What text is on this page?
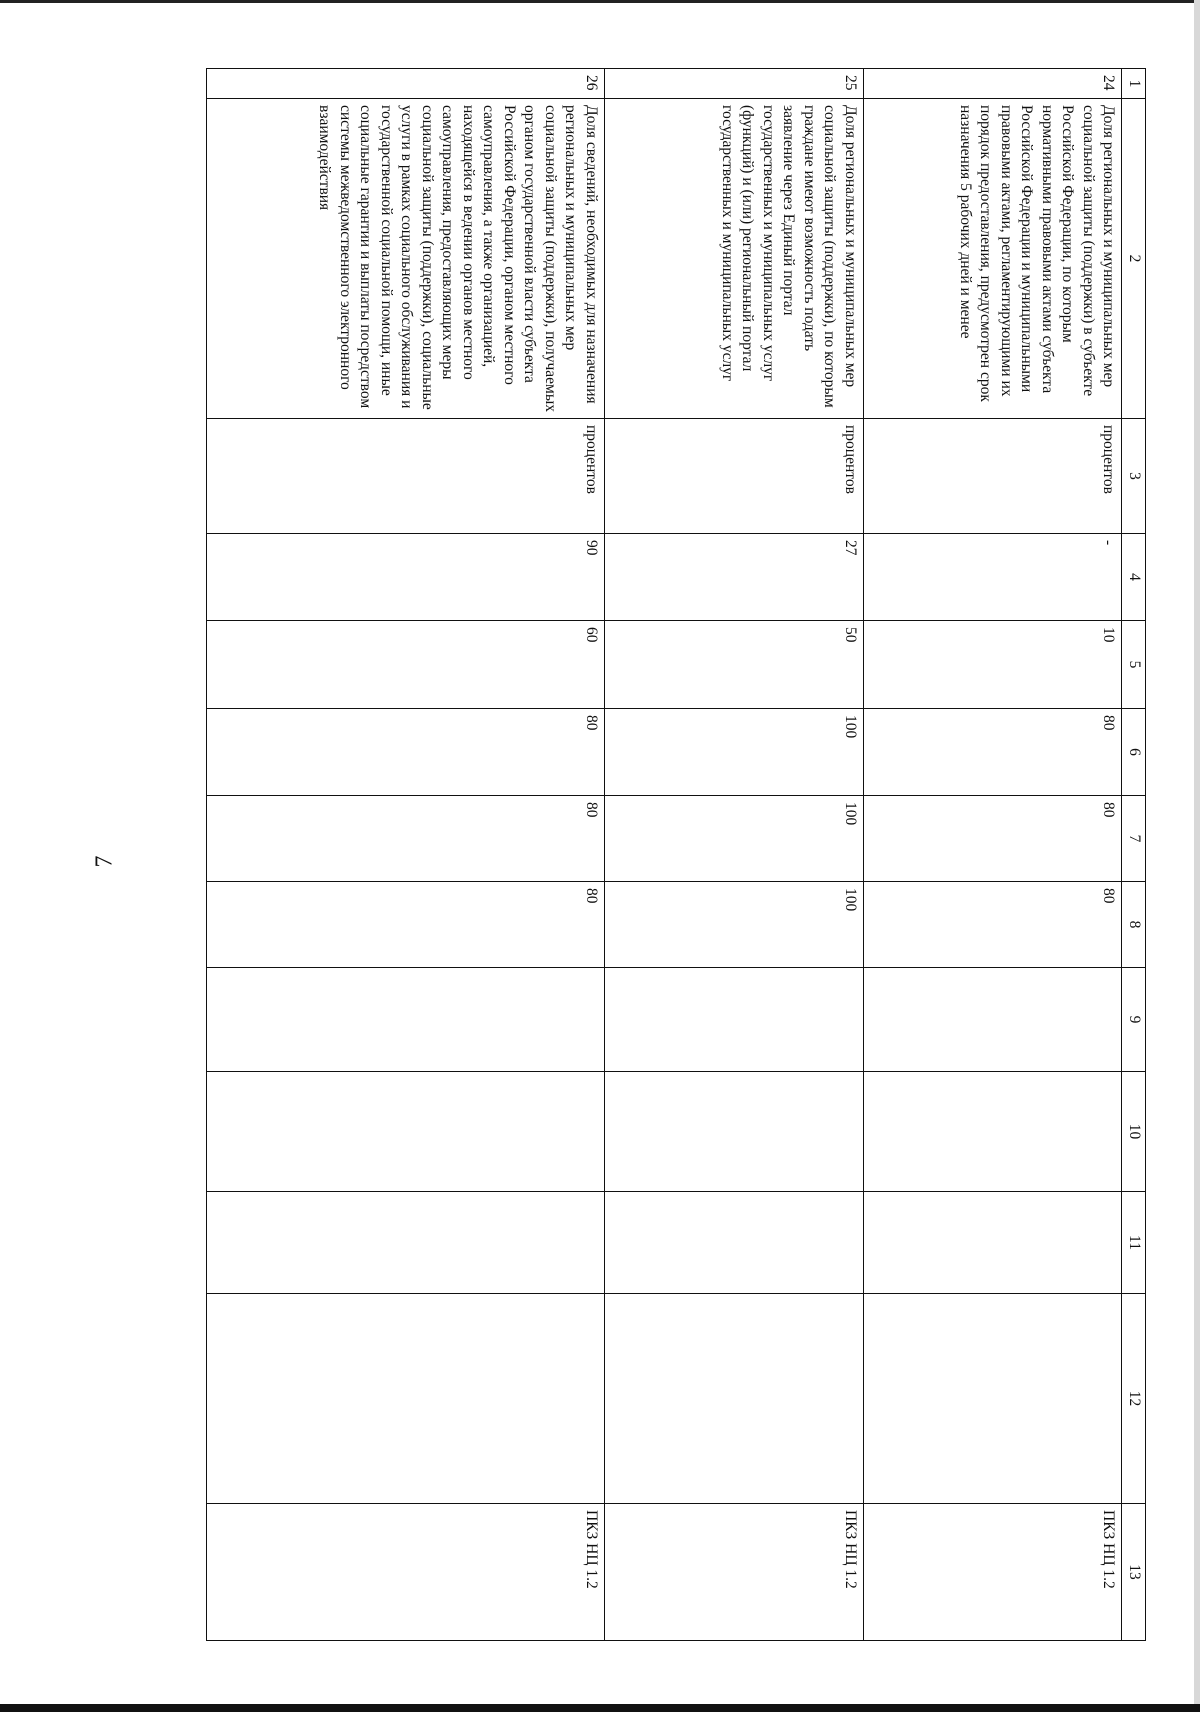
7
1	2	3	4	5	6	7	8	9	10	11	12	13
24	Доля региональных и муниципальных мер социальной защиты (поддержки) в субъекте Российской Федерации, по которым нормативными правовыми актами субъекта Российской Федерации и муниципальными правовыми актами, регламентирующими их порядок предоставления, предусмотрен срок назначения 5 рабочих дней и менее	процентов	-	10	80	80	80					ПКЗ НЦ 1.2
25	Доля региональных и муниципальных мер социальной защиты (поддержки), по которым граждане имеют возможность подать заявление через Единый портал государственных и муниципальных услуг (функций) и (или) региональный портал государственных и муниципальных услуг	процентов	27	50	100	100	100					ПКЗ НЦ 1.2
26	Доля сведений, необходимых для назначения региональных и муниципальных мер социальной защиты (поддержки), получаемых органом государственной власти субъекта Российской Федерации, органом местного самоуправления, а также организацией, находящейся в ведении органов местного самоуправления, предоставляющих меры социальной защиты (поддержки), социальные услуги в рамках социального обслуживания и государственной социальной помощи, иные социальные гарантии и выплаты посредством системы межведомственного электронного взаимодействия	процентов	90	60	80	80	80					ПКЗ НЦ 1.2
